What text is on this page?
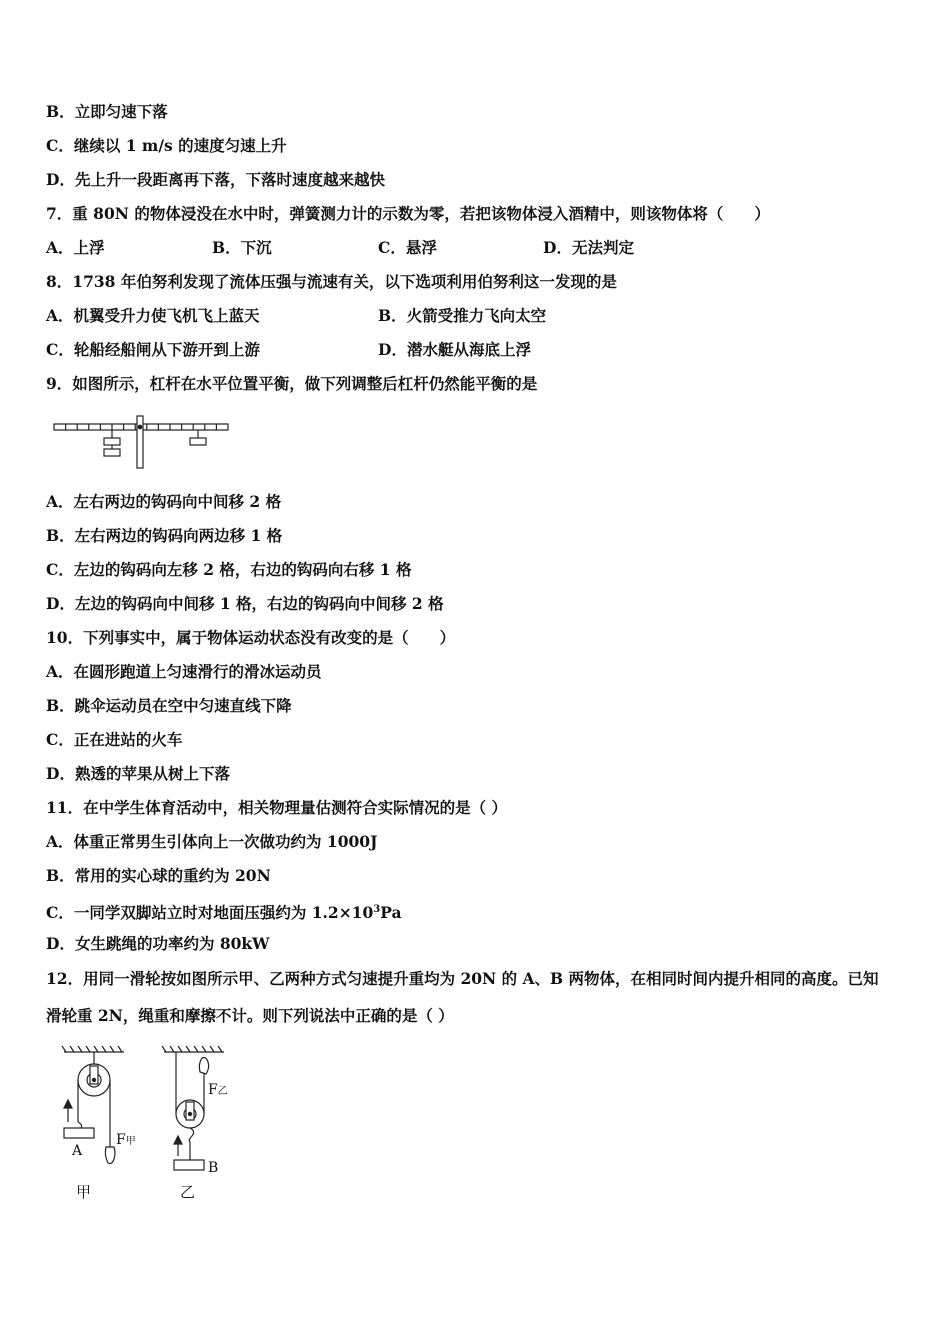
B．立即匀速下落
C．继续以 1 m/s 的速度匀速上升
D．先上升一段距离再下落，下落时速度越来越快
7．重 80N 的物体浸没在水中时，弹簧测力计的示数为零，若把该物体浸入酒精中，则该物体将（　　）
A．上浮	B．下沉	C．悬浮	D．无法判定
8．1738 年伯努利发现了流体压强与流速有关，以下选项利用伯努利这一发现的是
A．机翼受升力使飞机飞上蓝天	B．火箭受推力飞向太空
C．轮船经船闸从下游开到上游	D．潜水艇从海底上浮
9．如图所示，杠杆在水平位置平衡，做下列调整后杠杆仍然能平衡的是
A．左右两边的钩码向中间移 2 格
B．左右两边的钩码向两边移 1 格
C．左边的钩码向左移 2 格，右边的钩码向右移 1 格
D．左边的钩码向中间移 1 格，右边的钩码向中间移 2 格
10．下列事实中，属于物体运动状态没有改变的是（　　）
A．在圆形跑道上匀速滑行的滑冰运动员
B．跳伞运动员在空中匀速直线下降
C．正在进站的火车
D．熟透的苹果从树上下落
11．在中学生体育活动中，相关物理量估测符合实际情况的是（ ）
A．体重正常男生引体向上一次做功约为 1000J
B．常用的实心球的重约为 20N
C．一同学双脚站立时对地面压强约为 $1.2\times 10^3Pa$
D．女生跳绳的功率约为 80kW
12．用同一滑轮按如图所示甲、乙两种方式匀速提升重均为 20N 的 A、B 两物体，在相同时间内提升相同的高度。已知
滑轮重 2N，绳重和摩擦不计。则下列说法中正确的是（ ）
A
F甲
甲
F乙
B
乙
